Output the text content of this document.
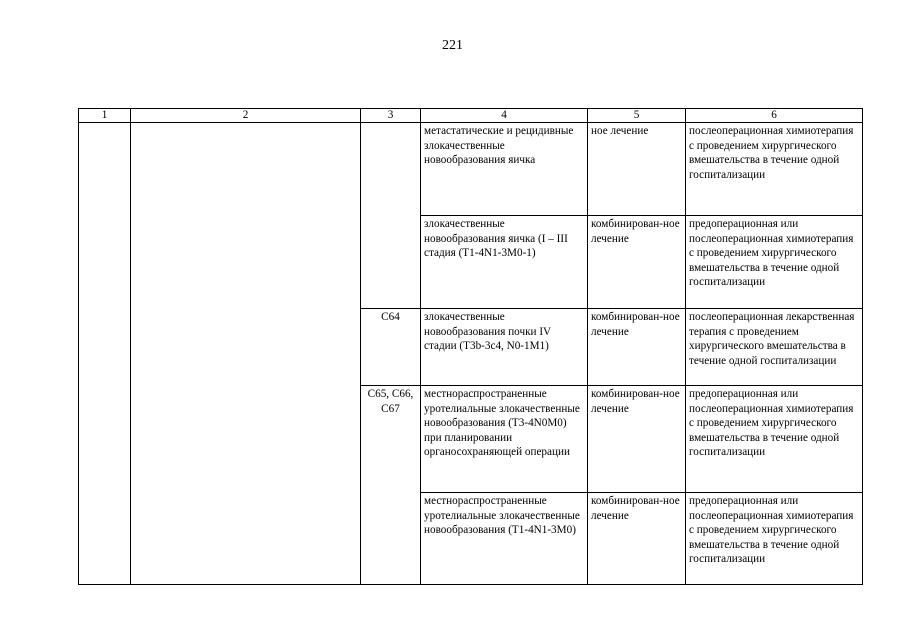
221
1	2	3	4	5	6
			метастатические и рецидивные злокачественные новообразования яичка	ное лечение	послеоперационная химиотерапия с проведением хирургического вмешательства в течение одной госпитализации
			злокачественные новообразования яичка (I – III стадия (T1-4N1-3M0-1)	комбинирован-ное лечение	предоперационная или послеоперационная химиотерапия с проведением хирургического вмешательства в течение одной госпитализации
		C64	злокачественные новообразования почки IV стадии (T3b-3c4, N0-1M1)	комбинирован-ное лечение	послеоперационная лекарственная терапия с проведением хирургического вмешательства в течение одной госпитализации
		C65, C66, C67	местнораспространенные уротелиальные злокачественные новообразования (T3-4N0M0) при планировании органосохраняющей операции	комбинирован-ное лечение	предоперационная или послеоперационная химиотерапия с проведением хирургического вмешательства в течение одной госпитализации
			местнораспространенные уротелиальные злокачественные новообразования (T1-4N1-3M0)	комбинирован-ное лечение	предоперационная или послеоперационная химиотерапия с проведением хирургического вмешательства в течение одной госпитализации
